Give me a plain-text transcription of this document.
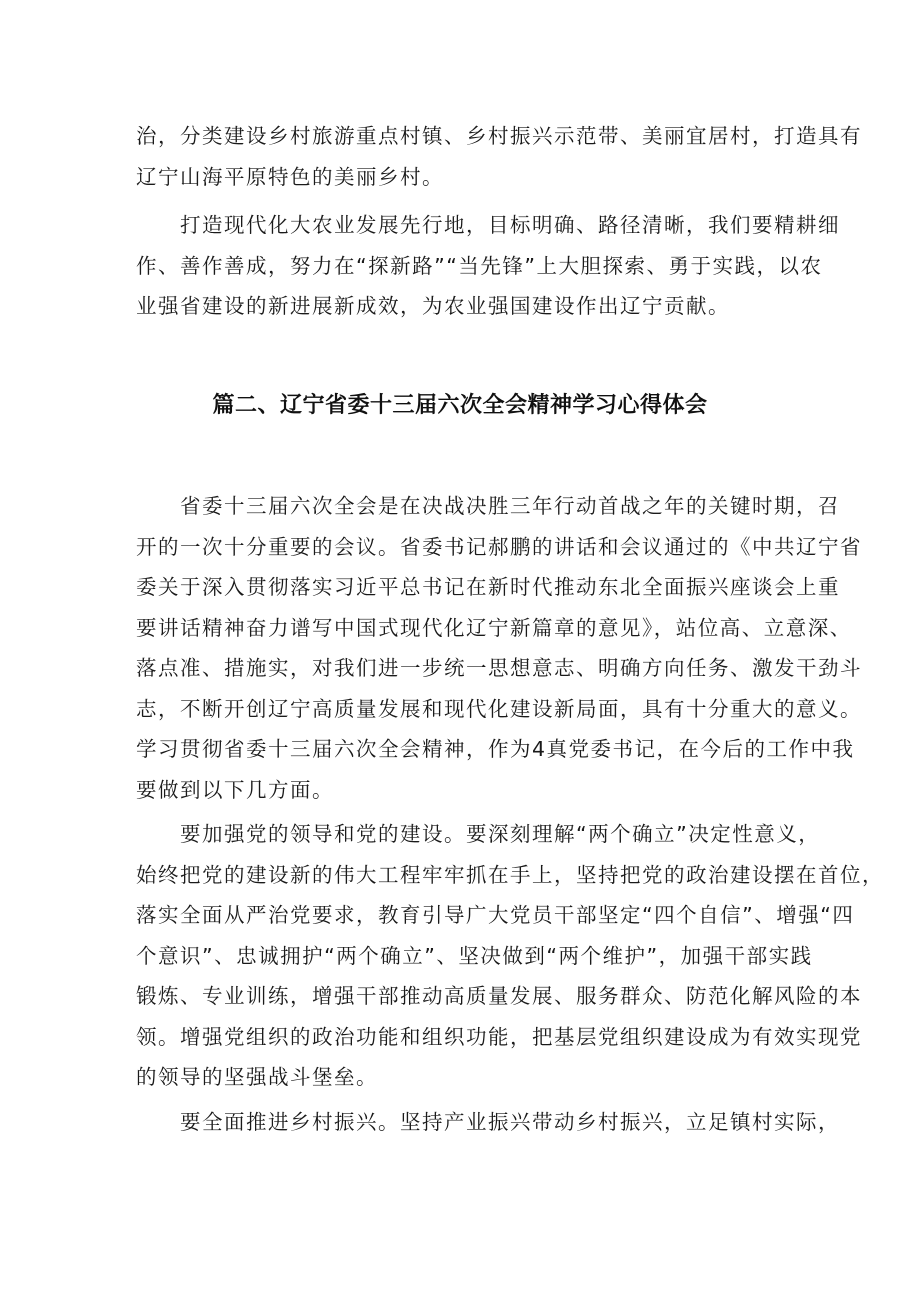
治，分类建设乡村旅游重点村镇、乡村振兴示范带、美丽宜居村，打造具有
辽宁山海平原特色的美丽乡村。

打造现代化大农业发展先行地，目标明确、路径清晰，我们要精耕细
作、善作善成，努力在“探新路”“当先锋”上大胆探索、勇于实践，以农
业强省建设的新进展新成效，为农业强国建设作出辽宁贡献。

篇二、辽宁省委十三届六次全会精神学习心得体会

省委十三届六次全会是在决战决胜三年行动首战之年的关键时期，召
开的一次十分重要的会议。省委书记郝鹏的讲话和会议通过的《中共辽宁省
委关于深入贯彻落实习近平总书记在新时代推动东北全面振兴座谈会上重
要讲话精神奋力谱写中国式现代化辽宁新篇章的意见》，站位高、立意深、
落点准、措施实，对我们进一步统一思想意志、明确方向任务、激发干劲斗
志，不断开创辽宁高质量发展和现代化建设新局面，具有十分重大的意义。
学习贯彻省委十三届六次全会精神，作为4真党委书记，在今后的工作中我
要做到以下几方面。

要加强党的领导和党的建设。要深刻理解“两个确立”决定性意义，
始终把党的建设新的伟大工程牢牢抓在手上，坚持把党的政治建设摆在首位，
落实全面从严治党要求，教育引导广大党员干部坚定“四个自信”、增强“四
个意识”、忠诚拥护“两个确立”、坚决做到“两个维护”，加强干部实践
锻炼、专业训练，增强干部推动高质量发展、服务群众、防范化解风险的本
领。增强党组织的政治功能和组织功能，把基层党组织建设成为有效实现党
的领导的坚强战斗堡垒。

要全面推进乡村振兴。坚持产业振兴带动乡村振兴，立足镇村实际，
